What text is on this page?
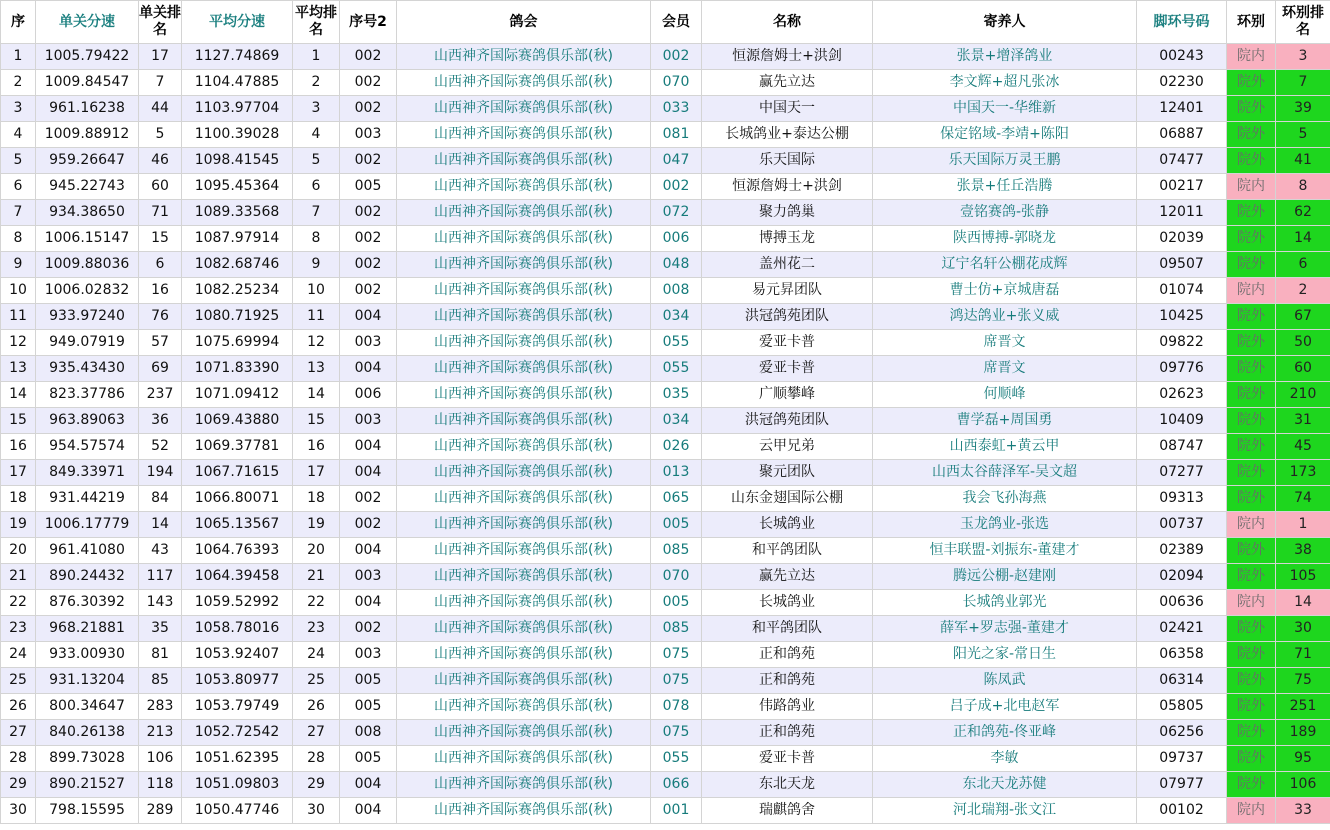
序	单关分速	单关排名	平均分速	平均排名	序号2	鸽会	会员	名称	寄养人	脚环号码	环别	环别排名
1	1005.79422	17	1127.74869	1	002	山西神齐国际赛鸽俱乐部(秋)	002	恒源詹姆士+洪剑	张景+增泽鸽业	00243	院内	3
2	1009.84547	7	1104.47885	2	002	山西神齐国际赛鸽俱乐部(秋)	070	赢先立达	李文辉+超凡张冰	02230	院外	7
3	961.16238	44	1103.97704	3	002	山西神齐国际赛鸽俱乐部(秋)	033	中国天一	中国天一-华维新	12401	院外	39
4	1009.88912	5	1100.39028	4	003	山西神齐国际赛鸽俱乐部(秋)	081	长城鸽业+泰达公棚	保定铭域-李靖+陈阳	06887	院外	5
5	959.26647	46	1098.41545	5	002	山西神齐国际赛鸽俱乐部(秋)	047	乐天国际	乐天国际万灵王鹏	07477	院外	41
6	945.22743	60	1095.45364	6	005	山西神齐国际赛鸽俱乐部(秋)	002	恒源詹姆士+洪剑	张景+任丘浩腾	00217	院内	8
7	934.38650	71	1089.33568	7	002	山西神齐国际赛鸽俱乐部(秋)	072	聚力鸽巢	壹铭赛鸽-张静	12011	院外	62
8	1006.15147	15	1087.97914	8	002	山西神齐国际赛鸽俱乐部(秋)	006	博搏玉龙	陕西博搏-郭晓龙	02039	院外	14
9	1009.88036	6	1082.68746	9	002	山西神齐国际赛鸽俱乐部(秋)	048	盖州花二	辽宁名轩公棚花成辉	09507	院外	6
10	1006.02832	16	1082.25234	10	002	山西神齐国际赛鸽俱乐部(秋)	008	易元昇团队	曹士仿+京城唐磊	01074	院内	2
11	933.97240	76	1080.71925	11	004	山西神齐国际赛鸽俱乐部(秋)	034	洪冠鸽苑团队	鸿达鸽业+张义威	10425	院外	67
12	949.07919	57	1075.69994	12	003	山西神齐国际赛鸽俱乐部(秋)	055	爱亚卡普	席晋文	09822	院外	50
13	935.43430	69	1071.83390	13	004	山西神齐国际赛鸽俱乐部(秋)	055	爱亚卡普	席晋文	09776	院外	60
14	823.37786	237	1071.09412	14	006	山西神齐国际赛鸽俱乐部(秋)	035	广顺攀峰	何顺峰	02623	院外	210
15	963.89063	36	1069.43880	15	003	山西神齐国际赛鸽俱乐部(秋)	034	洪冠鸽苑团队	曹学磊+周国勇	10409	院外	31
16	954.57574	52	1069.37781	16	004	山西神齐国际赛鸽俱乐部(秋)	026	云甲兄弟	山西泰虹+黄云甲	08747	院外	45
17	849.33971	194	1067.71615	17	004	山西神齐国际赛鸽俱乐部(秋)	013	聚元团队	山西太谷薛泽军-吴文超	07277	院外	173
18	931.44219	84	1066.80071	18	002	山西神齐国际赛鸽俱乐部(秋)	065	山东金翅国际公棚	我会飞孙海燕	09313	院外	74
19	1006.17779	14	1065.13567	19	002	山西神齐国际赛鸽俱乐部(秋)	005	长城鸽业	玉龙鸽业-张选	00737	院内	1
20	961.41080	43	1064.76393	20	004	山西神齐国际赛鸽俱乐部(秋)	085	和平鸽团队	恒丰联盟-刘振东-董建才	02389	院外	38
21	890.24432	117	1064.39458	21	003	山西神齐国际赛鸽俱乐部(秋)	070	赢先立达	腾远公棚-赵建刚	02094	院外	105
22	876.30392	143	1059.52992	22	004	山西神齐国际赛鸽俱乐部(秋)	005	长城鸽业	长城鸽业郭光	00636	院内	14
23	968.21881	35	1058.78016	23	002	山西神齐国际赛鸽俱乐部(秋)	085	和平鸽团队	薛军+罗志强-董建才	02421	院外	30
24	933.00930	81	1053.92407	24	003	山西神齐国际赛鸽俱乐部(秋)	075	正和鸽苑	阳光之家-常日生	06358	院外	71
25	931.13204	85	1053.80977	25	005	山西神齐国际赛鸽俱乐部(秋)	075	正和鸽苑	陈凤武	06314	院外	75
26	800.34647	283	1053.79749	26	005	山西神齐国际赛鸽俱乐部(秋)	078	伟路鸽业	吕子成+北电赵军	05805	院外	251
27	840.26138	213	1052.72542	27	008	山西神齐国际赛鸽俱乐部(秋)	075	正和鸽苑	正和鸽苑-佟亚峰	06256	院外	189
28	899.73028	106	1051.62395	28	005	山西神齐国际赛鸽俱乐部(秋)	055	爱亚卡普	李敏	09737	院外	95
29	890.21527	118	1051.09803	29	004	山西神齐国际赛鸽俱乐部(秋)	066	东北天龙	东北天龙苏健	07977	院外	106
30	798.15595	289	1050.47746	30	004	山西神齐国际赛鸽俱乐部(秋)	001	瑞麒鸽舍	河北瑞翔-张文江	00102	院内	33
